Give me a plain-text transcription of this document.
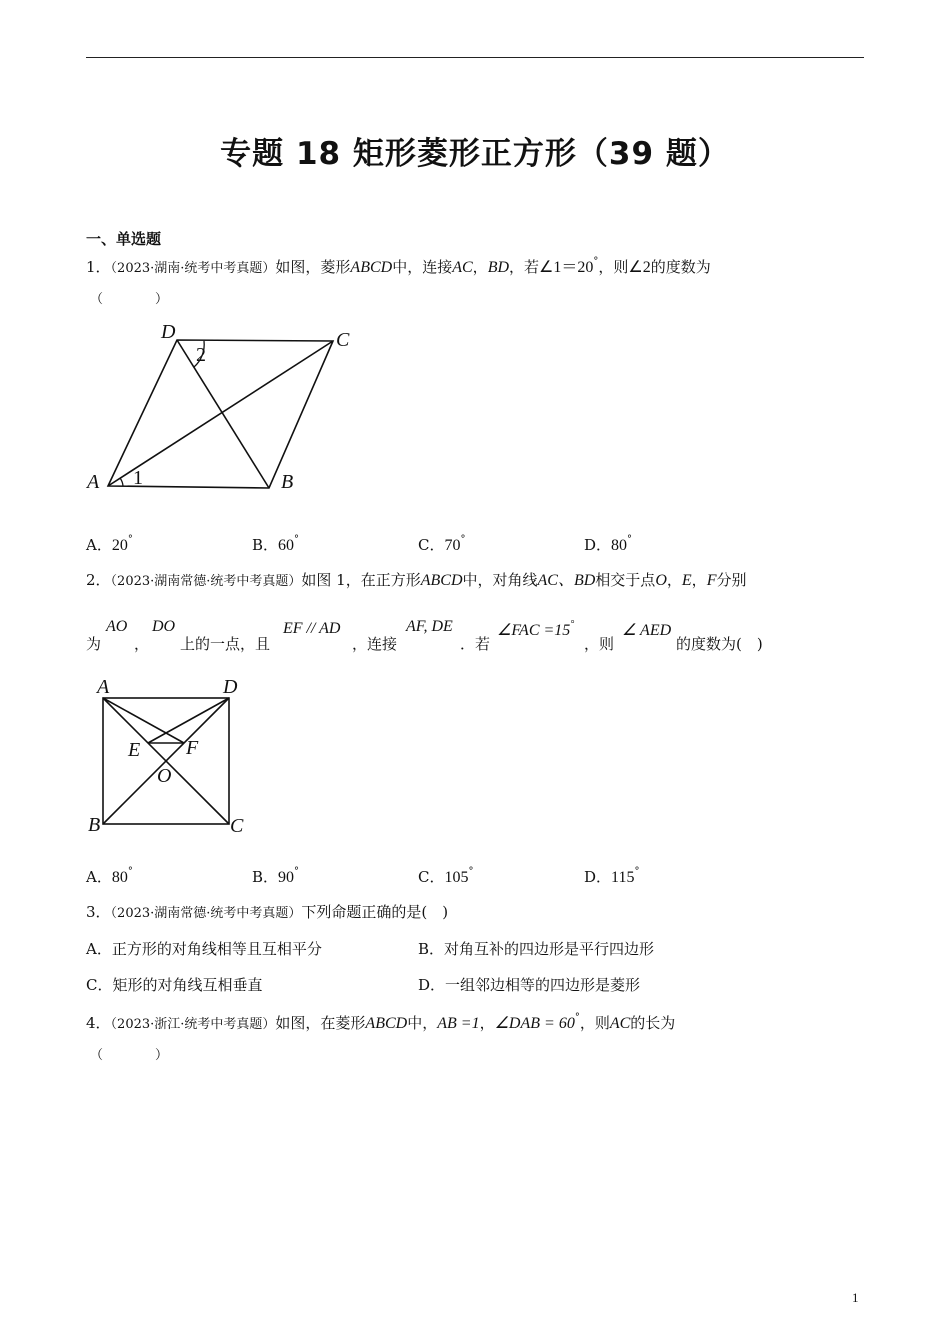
专题 18 矩形菱形正方形（39 题）
一、单选题
1．（2023·湖南·统考中考真题）如图，菱形ABCD中，连接AC，BD，若∠1＝20°，则∠2的度数为
（　　　　）
D	C
A	B
2
1
A．20°	B．60°	C．70°	D．80°
2．（2023·湖南常德·统考中考真题）如图 1，在正方形ABCD中，对角线AC、BD相交于点O，E，F分别
为
AO
，
DO
上的一点，且
EF // AD
，连接
AF, DE
．若
∠FAC =15°
，则
∠ AED
的度数为(　)
A	D
B	C
E F
O
A．80°	B．90°	C．105°	D．115°
3．（2023·湖南常德·统考中考真题）下列命题正确的是(　)
A．正方形的对角线相等且互相平分	B．对角互补的四边形是平行四边形
C．矩形的对角线互相垂直	D．一组邻边相等的四边形是菱形
4．（2023·浙江·统考中考真题）如图，在菱形ABCD中，AB =1，∠DAB = 60°，则AC的长为
（　　　　）
1
